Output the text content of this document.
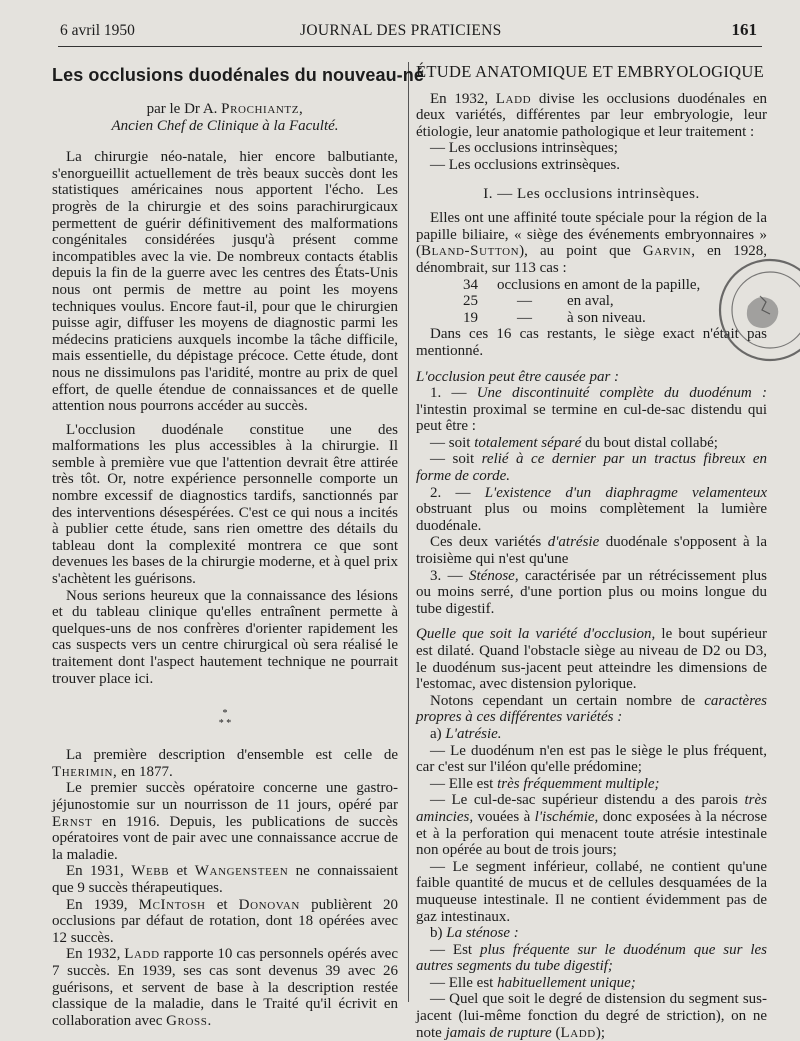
6 avril 1950	JOURNAL DES PRATICIENS	161
Les occlusions duodénales du nouveau-né

par le Dr A. Prochiantz,

Ancien Chef de Clinique à la Faculté.

La chirurgie néo-natale, hier encore balbutiante, s'enorgueillit actuellement de très beaux succès dont les statistiques américaines nous apportent l'écho. Les progrès de la chirurgie et des soins parachirurgicaux permettent de guérir définitivement des malformations congénitales considérées jusqu'à présent comme incompatibles avec la vie. De nombreux contacts établis depuis la fin de la guerre avec les centres des États-Unis nous ont permis de mettre au point les moyens techniques voulus. Encore faut-il, pour que le chirurgien puisse agir, diffuser les moyens de diagnostic parmi les médecins praticiens auxquels incombe la tâche difficile, mais essentielle, du dépistage précoce. Cette étude, dont nous ne dissimulons pas l'aridité, montre au prix de quel effort, de quelle étendue de connaissances et de quelle attention nous pourrons accéder au succès.

L'occlusion duodénale constitue une des malformations les plus accessibles à la chirurgie. Il semble à première vue que l'attention devrait être attirée très tôt. Or, notre expérience personnelle comporte un nombre excessif de diagnostics tardifs, sanctionnés par des interventions désespérées. C'est ce qui nous a incités à publier cette étude, sans rien omettre des détails du tableau dont la complexité montrera ce que sont devenues les bases de la chirurgie moderne, et à quel prix s'achètent les guérisons.

Nous serions heureux que la connaissance des lésions et du tableau clinique qu'elles entraînent permette à quelques-uns de nos confrères d'orienter rapidement les cas suspects vers un centre chirurgical où sera réalisé le traitement dont l'aspect hautement technique ne pourrait trouver place ici.

*
* *

La première description d'ensemble est celle de Therimin, en 1877.

Le premier succès opératoire concerne une gastro-jéjunostomie sur un nourrisson de 11 jours, opéré par Ernst en 1916. Depuis, les publications de succès opératoires vont de pair avec une connaissance accrue de la maladie.

En 1931, Webb et Wangensteen ne connaissaient que 9 succès thérapeutiques.

En 1939, McIntosh et Donovan publièrent 20 occlusions par défaut de rotation, dont 18 opérées avec 12 succès.

En 1932, Ladd rapporte 10 cas personnels opérés avec 7 succès. En 1939, ses cas sont devenus 39 avec 26 guérisons, et servent de base à la description restée classique de la maladie, dans le Traité qu'il écrivit en collaboration avec Gross.

ÉTUDE ANATOMIQUE ET EMBRYOLOGIQUE

En 1932, Ladd divise les occlusions duodénales en deux variétés, différentes par leur embryologie, leur étiologie, leur anatomie pathologique et leur traitement :

— Les occlusions intrinsèques;

— Les occlusions extrinsèques.

I. — Les occlusions intrinsèques.

Elles ont une affinité toute spéciale pour la région de la papille biliaire, « siège des événements embryonnaires » (Bland-Sutton), au point que Garvin, en 1928, dénombrait, sur 113 cas :

34	occlusions en amont de la papille,
25	—	en aval,
19	—	à son niveau.

Dans ces 16 cas restants, le siège exact n'était pas mentionné.

L'occlusion peut être causée par :

1. — Une discontinuité complète du duodénum : l'intestin proximal se termine en cul-de-sac distendu qui peut être :

— soit totalement séparé du bout distal collabé;

— soit relié à ce dernier par un tractus fibreux en forme de corde.

2. — L'existence d'un diaphragme velamenteux obstruant plus ou moins complètement la lumière duodénale.

Ces deux variétés d'atrésie duodénale s'opposent à la troisième qui n'est qu'une

3. — Sténose, caractérisée par un rétrécissement plus ou moins serré, d'une portion plus ou moins longue du tube digestif.

Quelle que soit la variété d'occlusion, le bout supérieur est dilaté. Quand l'obstacle siège au niveau de D2 ou D3, le duodénum sus-jacent peut atteindre les dimensions de l'estomac, avec distension pylorique.

Notons cependant un certain nombre de caractères propres à ces différentes variétés :

a) L'atrésie.

— Le duodénum n'en est pas le siège le plus fréquent, car c'est sur l'iléon qu'elle prédomine;

— Elle est très fréquemment multiple;

— Le cul-de-sac supérieur distendu a des parois très amincies, vouées à l'ischémie, donc exposées à la nécrose et à la perforation qui menacent toute atrésie intestinale non opérée au bout de trois jours;

— Le segment inférieur, collabé, ne contient qu'une faible quantité de mucus et de cellules desquamées de la muqueuse intestinale. Il ne contient évidemment pas de gaz intestinaux.

b) La sténose :

— Est plus fréquente sur le duodénum que sur les autres segments du tube digestif;

— Elle est habituellement unique;

— Quel que soit le degré de distension du segment sus-jacent (lui-même fonction du degré de striction), on ne note jamais de rupture (Ladd);
